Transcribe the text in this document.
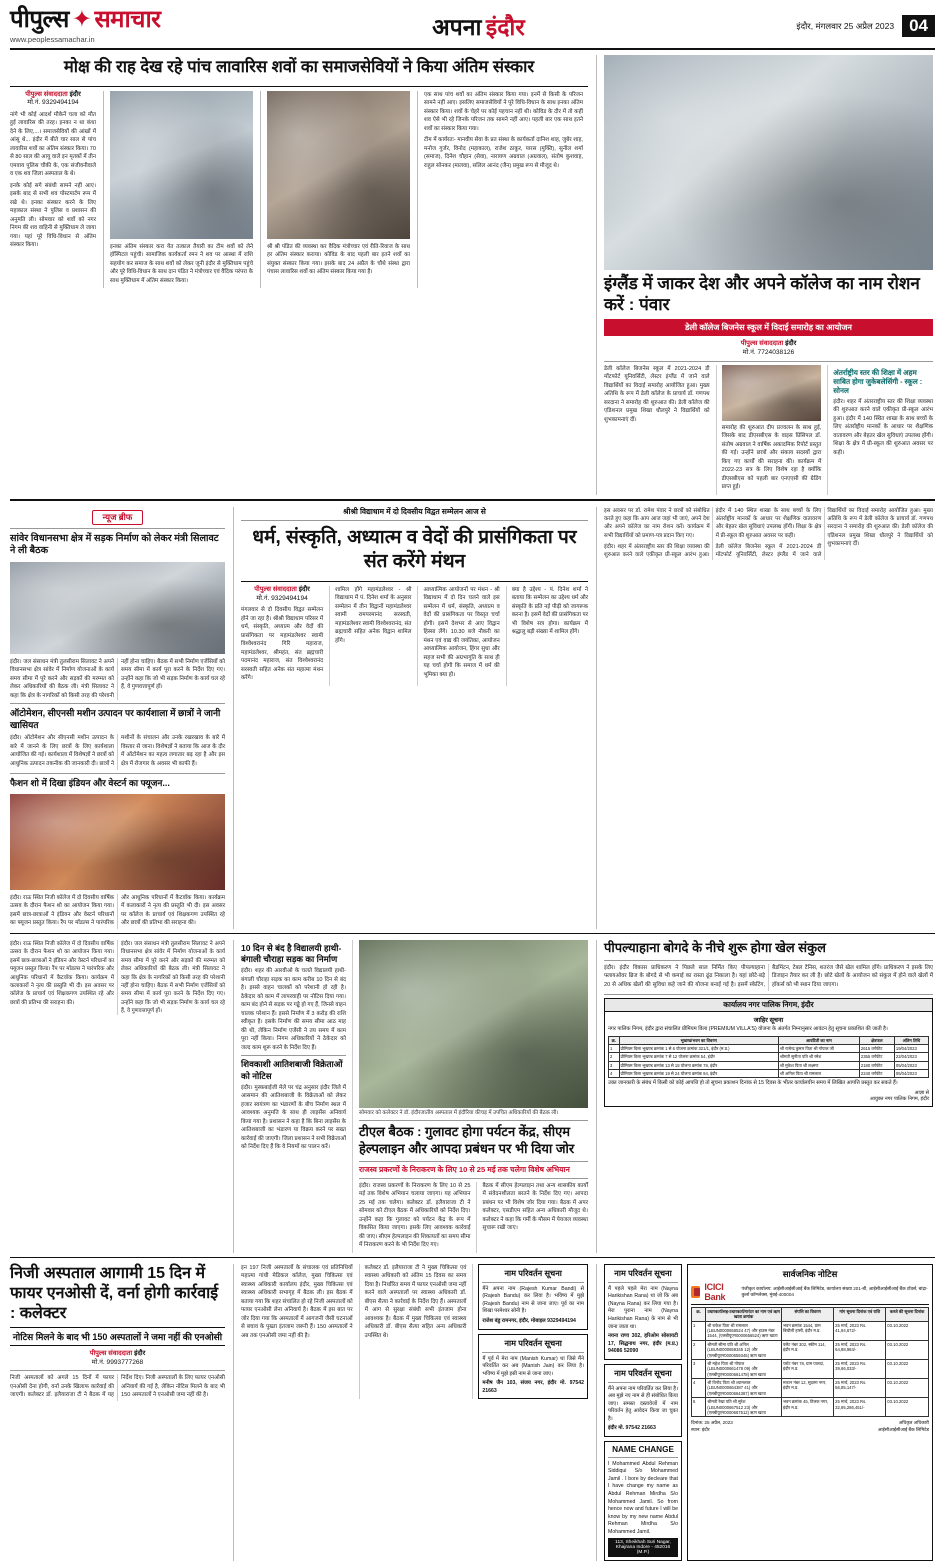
पीपुल्स ✦ समाचार
www.peoplessamachar.in	अपना इंदौर	इंदौर, मंगलवार 25 अप्रैल 2023 04
मोक्ष की राह देख रहे पांच लावारिस शवों का समाजसेवियों ने किया अंतिम संस्कार
पीपुल्स संवाददाता इंदौर
मो.नं. 9329494194

नांगे भी कोई आदर्श मौकेनें चला को मौत हुई लावारिस की तरह। इनका न था कंधा देने के लिए,...। समाजसेवियों की आंखों में आंसू थे... इंदौर में बीते चार साल से पांच लावारिस शवों का अंतिम संस्कार किया। 70 से 80 साल की आयु वाले इन मृतकों में तीन एमवाय पुलिस चौकी के, एक संजीवनीवाले व एक शव जिला अस्पताल के थे।

इनके कोई सगे संबंधी सामने नहीं आए। इसके बाद से सभी शव पोस्टमार्टम रूम में रखे थे। इनका संस्कार करने के लिए महाकाल संस्था ने पुलिस व प्रशासन की अनुमति ली। सोमवार को शवों को नगर निगम की शव वाहिनी से मुक्तिधाम ले जाया गया। यहां पूरे विधि-विधान से अंतिम संस्कार किया।	इनका अंतिम संस्कार करा येत तत्काल तैयारी का टीम शवों को लेने हॉस्पिटल पहुंची। सामाजिक कार्यकर्ता रमन ने शव पर आस्था में राशि सहयोग कर समाज के साथ शवों को लेकर जूनी इंदौर से मुक्तिधाम पहुंचे और पूरे विधि-विधान के साथ दान पंडित ने मंत्रोच्चार एवं वैदिक परंपरा के साथ मुक्तिधाम में अंतिम संस्कार किया।

श्री श्री पंडित की व्यवस्था कर वैदिक मंत्रोच्चार एवं रीति-रिवाज के साथ हर अंतिम संस्कार कराया। कोविड के बाद पहली बार इतने शवों का संयुक्त संस्कार किया गया। इसके बाद 24 अप्रैल के चौथे संस्था द्वारा पंचास लावारिस शवों का अंतिम संस्कार किया गया है।

एक साथ पांच शवों का अंतिम संस्कार किया गया। इनमें से किसी के परिजन सामने नहीं आए। इसलिए समाजसेवियों ने पूरे विधि-विधान के साथ इनका अंतिम संस्कार किया। शवों के चेहरे पर कोई पहचान नहीं थी। कोविड के दौर में तो कहीं शव ऐसे भी रहे जिनके परिजन तक सामने नहीं आए। पहली बार एक साथ इतने शवों का संस्कार किया गया।

टीम में कार्यरतः- मानवीय सेवा के प्रत संस्था के कार्यकर्ता दानिश शाह, जुबेर शाह, मनोज गुर्जर, विनोद (महाकाल), राजेश ठाकुर, पारस (मुक्ति), सुनील शर्मा (समाज), दिनेश चौहान (सेवा), नारायण अग्रवाल (अग्रवाल), संतोष कुशवाह, राहुल सोनकर (मालवा), सलिल आनंद (जैन) प्रमुख रूप से मौजूद थे।

इंग्लैंड में जाकर देश और अपने कॉलेज का नाम रोशन करें : पंवार
डेली कॉलेज बिजनेस स्कूल में विदाई समारोह का आयोजन
पीपुल्स संवाददाता इंदौर
मो.नं. 7724038126

डेली कॉलेज बिजनेस स्कूल में 2021-2024 डी मोंटफोर्ट यूनिवर्सिटी, लेस्टर इंग्लैंड में जाने वाले विद्यार्थियों का विदाई समारोह आयोजित हुआ। मुख्य अतिथि के रूप में डेली कॉलेज के प्राचार्य डॉ. गणपथ सरदाना ने समारोह की शुरुआत की। डेली कॉलेज की एडिशनल प्रमुख शिखा धौलपुरे ने विद्यार्थियों को शुभकामनाएं दीं।

समारोह की शुरुआत दीप प्रज्वलन के साथ हुई, जिसके बाद डीएसबीएस के वाइस प्रिंसिपल डॉ. संतोष अग्रवाल ने वार्षिक अकादमिक रिपोर्ट प्रस्तुत की गई। उन्होंने छात्रों और संकाय सदस्यों द्वारा किए गए कार्यों की सराहना की। कार्यक्रम में 2022-23 सत्र के लिए विशेष रहा है क्योंकि डीएसबीएस को पहली बार एनएएसी की ग्रेडिंग प्राप्त हुई।

अंतर्राष्ट्रीय स्तर की शिक्षा में अहम साबित होगा जुकेबलेसिंगी - स्कूल : सोनल

इंदौर। शहर में अंतरराष्ट्रीय स्तर की शिक्षा व्यवस्था की शुरुआत करने वाले एकीकृत प्री-स्कूल आरंभ हुआ। इंदौर में 140 स्थित शाखा के साथ बच्चों के लिए अंतर्राष्ट्रीय मानकों के आधार पर शैक्षणिक वातावरण और बेहतर खेल सुविधाएं उपलब्ध होंगी। शिक्षा के क्षेत्र में प्री-स्कूल की शुरुआत अवसर पर कही।

न्यूज ब्रीफ
सांवेर विधानसभा क्षेत्र में सड़क निर्माण को लेकर मंत्री सिलावट ने ली बैठक

इंदौर। जल संसाधन मंत्री तुलसीराम सिलावट ने अपने विधानसभा क्षेत्र सांवेर में निर्माण योजनाओं के कार्य समय सीमा में पूरे करने और सड़कों की मरम्मत को लेकर अधिकारियों की बैठक ली। मंत्री सिलावट ने कहा कि क्षेत्र के नागरिकों को किसी तरह की परेशानी नहीं होना चाहिए। बैठक में सभी निर्माण एजेंसियों को समय सीमा में कार्य पूरा करने के निर्देश दिए गए। उन्होंने कहा कि जो भी सड़क निर्माण के कार्य चल रहे हैं, वे गुणवत्तापूर्ण हों।

ऑटोमेशन, सीएनसी मशीन उत्पादन पर कार्यशाला में छात्रों ने जानी खासियत

इंदौर। ऑटोमेशन और सीएनसी मशीन उत्पादन के बारे में जानने के लिए छात्रों के लिए कार्यशाला आयोजित की गई। कार्यशाला में विशेषज्ञों ने छात्रों को आधुनिक उत्पादन तकनीक की जानकारी दी। छात्रों ने मशीनों के संचालन और उनके रखरखाव के बारे में विस्तार से जाना। विशेषज्ञों ने बताया कि आज के दौर में ऑटोमेशन का महत्व लगातार बढ़ रहा है और इस क्षेत्र में रोजगार के अवसर भी काफी हैं।

फैशन शो में दिखा इंडियन और वेस्टर्न का फ्यूजन...

इंदौर। राऊ स्थित निजी कॉलेज में दो दिवसीय वार्षिक उत्सव के दौरान फैशन शो का आयोजन किया गया। इसमें छात्र-छात्राओं ने इंडियन और वेस्टर्न परिधानों का फ्यूजन प्रस्तुत किया। रैंप पर मॉडल्स ने पारंपरिक और आधुनिक परिधानों में कैटवॉक किया। कार्यक्रम में कलाकारों ने नृत्य की प्रस्तुति भी दी। इस अवसर पर कॉलेज के प्राचार्य एवं शिक्षकगण उपस्थित रहे और छात्रों की प्रतिभा की सराहना की।

श्रीश्री विद्याधाम में दो दिवसीय विद्वत सम्मेलन आज से
धर्म, संस्कृति, अध्यात्म व वेदों की प्रासंगिकता पर संत करेंगे मंथन
पीपुल्स संवाददाता इंदौर
मो.नं. 9329494194

मंगलवार से दो दिवसीय विद्वत सम्मेलन होने जा रहा है। श्रीश्री विद्याधाम परिसर में धर्म, संस्कृति, अध्यात्म और वेदों की प्रासंगिकता पर महामंडलेश्वर स्वामी विश्वेश्वरानंद गिरि महाराज, महामंडलेश्वर, श्रीमहंत, संत ब्रह्मचारी पदमानंद महाराज, संत विश्वेश्वरानंद सरस्वती सहित अनेक संत महात्मा मंथन करेंगे।

शामिल होंगे महामंडलेश्वर - श्री विद्याधाम में पं. दिनेश शर्मा के अनुसार सम्मेलन में तीन विद्वानों महामंडलेश्वर स्वामी रामपरमानंद सरस्वती, महामंडलेश्वर स्वामी विश्वेश्वरानंद, संत ब्रह्मचारी सहित अनेक विद्वान शामिल होंगे।

आध्यात्मिक आयोजनों पर मंथन - श्री विद्याधाम में दो दिन चलने वाले इस सम्मेलन में धर्म, संस्कृति, अध्यात्म व वेदों की प्रासंगिकता पर विस्तृत चर्चा होगी। इसमें देशभर से आए विद्वान हिस्सा लेंगे। 10.30 बजे नौकरी का मंथन एवं वाद्य की जयंतिका, आयोजन आध्यात्मिक आयोजन, हिंगर सुधा और सहज सभी की अग्रभागुति के साथ ही यह चर्चा होगी कि समाज में धर्म की भूमिका क्या हो।

क्या है उद्देश्य - पं. दिनेश शर्मा ने बताया कि सम्मेलन का उद्देश्य धर्म और संस्कृति के प्रति नई पीढ़ी को जागरूक करना है। इसमें वेदों की प्रासंगिकता पर भी विशेष सत्र होगा। कार्यक्रम में श्रद्धालु बड़ी संख्या में शामिल होंगे।

इस अवसर पर डॉ. रामेश पंवार ने छात्रों को संबोधित करते हुए कहा कि आप आज जहां भी जाएं, अपने देश और अपने कॉलेज का नाम रोशन करें। कार्यक्रम में सभी विद्यार्थियों को प्रमाण-पत्र प्रदान किए गए।

इंदौर। शहर में अंतरराष्ट्रीय स्तर की शिक्षा व्यवस्था की शुरुआत करने वाले एकीकृत प्री-स्कूल आरंभ हुआ। इंदौर में 140 स्थित शाखा के साथ बच्चों के लिए अंतर्राष्ट्रीय मानकों के आधार पर शैक्षणिक वातावरण और बेहतर खेल सुविधाएं उपलब्ध होंगी। शिक्षा के क्षेत्र में प्री-स्कूल की शुरुआत अवसर पर कही।

डेली कॉलेज बिजनेस स्कूल में 2021-2024 डी मोंटफोर्ट यूनिवर्सिटी, लेस्टर इंग्लैंड में जाने वाले विद्यार्थियों का विदाई समारोह आयोजित हुआ। मुख्य अतिथि के रूप में डेली कॉलेज के प्राचार्य डॉ. गणपथ सरदाना ने समारोह की शुरुआत की। डेली कॉलेज की एडिशनल प्रमुख शिखा धौलपुरे ने विद्यार्थियों को शुभकामनाएं दीं।

इंदौर। राऊ स्थित निजी कॉलेज में दो दिवसीय वार्षिक उत्सव के दौरान फैशन शो का आयोजन किया गया। इसमें छात्र-छात्राओं ने इंडियन और वेस्टर्न परिधानों का फ्यूजन प्रस्तुत किया। रैंप पर मॉडल्स ने पारंपरिक और आधुनिक परिधानों में कैटवॉक किया। कार्यक्रम में कलाकारों ने नृत्य की प्रस्तुति भी दी। इस अवसर पर कॉलेज के प्राचार्य एवं शिक्षकगण उपस्थित रहे और छात्रों की प्रतिभा की सराहना की।

इंदौर। जल संसाधन मंत्री तुलसीराम सिलावट ने अपने विधानसभा क्षेत्र सांवेर में निर्माण योजनाओं के कार्य समय सीमा में पूरे करने और सड़कों की मरम्मत को लेकर अधिकारियों की बैठक ली। मंत्री सिलावट ने कहा कि क्षेत्र के नागरिकों को किसी तरह की परेशानी नहीं होना चाहिए। बैठक में सभी निर्माण एजेंसियों को समय सीमा में कार्य पूरा करने के निर्देश दिए गए। उन्होंने कहा कि जो भी सड़क निर्माण के कार्य चल रहे हैं, वे गुणवत्तापूर्ण हों।

10 दिन से बंद है विद्यालयी हाथी-बंगाली चौराहा सड़क का निर्माण

इंदौर। शहर की आरवीओ के चलते विद्यालयी हाथी-बंगाली चौराहा सड़क का काम करीब 10 दिन से बंद है। इससे वाहन चालकों को परेशानी हो रही है। ठेकेदार को काम में लापरवाही पर नोटिस दिया गया। काम बंद होने से सड़क पर गड्ढे हो गए हैं, जिनसे वाहन चालक परेशान हैं। इससे निर्माण में 3 करोड़ की राशि स्वीकृत है। इसके निर्माण की समय सीमा आठ माह की थी, लेकिन निर्माण एजेंसी ने तय समय में काम पूरा नहीं किया। निगम अधिकारियों ने ठेकेदार को जल्द काम शुरू करने के निर्देश दिए हैं।

शिवकाशी आतिशबाजी विक्रेताओं को नोटिस

इंदौर। मुस्कबाईजी मेले पर चंद्र अनुसार इंदौर जिले में आसमान की आतिशबाजी के विक्रेताओं को लेकर हजार स्वयंत्रण का भंडारणों के बीच निर्माण स्थल में आवश्यक अनुमति के साथ ही लाइसेंस अनिवार्य किया गया है। प्रशासन ने कहा है कि बिना लाइसेंस के आतिशबाजी का भंडारण या विक्रय करने पर सख्त कार्रवाई की जाएगी। जिला प्रशासन ने सभी विक्रेताओं को निर्देश दिए हैं कि वे नियमों का पालन करें।

सोमवार को कलेक्टर ने डॉ. इंदौरजातीय अस्पताल में इंदौरिया कीचड़ में उपचित अधिकारियों की बैठक ली।
टीएल बैठक : गुलावट होगा पर्यटन केंद्र, सीएम हेल्पलाइन और आपदा प्रबंधन पर भी दिया जोर
राजस्व प्रकरणों के निराकरण के लिए 10 से 25 मई तक चलेगा विशेष अभियान

इंदौर। राजस्व प्रकरणों के निराकरण के लिए 10 से 25 मई तक विशेष अभियान चलाया जाएगा। यह अभियान 25 मई तक चलेगा। कलेक्टर डॉ. इलैयाराजा टी ने सोमवार को टीएल बैठक में अधिकारियों को निर्देश दिए। उन्होंने कहा कि गुलावट को पर्यटन केंद्र के रूप में विकसित किया जाएगा। इसके लिए आवश्यक कार्रवाई की जाए। सीएम हेल्पलाइन की शिकायतों का समय सीमा में निराकरण करने के भी निर्देश दिए गए।

बैठक में सीएम हेल्पलाइन तथा अन्य शासकीय कार्यों में संवेदनशीलता बरतने के निर्देश दिए गए। आपदा प्रबंधन पर भी विशेष जोर दिया गया। बैठक में अपर कलेक्टर, एसडीएम सहित अन्य अधिकारी मौजूद थे। कलेक्टर ने कहा कि गर्मी के मौसम में पेयजल व्यवस्था सुचारू रखी जाए।

पीपल्याहाना बोगदे के नीचे शुरू होगा खेल संकुल

इंदौर। इंदौर विकास प्राधिकरण ने पिछले साल निर्मित किए पीपल्याहाना फ्लायओवर ब्रिज के बोगदे से भी कमाई का रास्ता ढूंढ निकाला है। यहां छोटे-बड़े 20 से अधिक खेलों की सुविधा कहे जाने की योजना बनाई गई है। इसमें स्केटिंग, बैडमिंटन, टेबल टेनिस, शतरंज जैसे खेल शामिल होंगे। प्राधिकरण ने इसके लिए डिजाइन तैयार कर ली है। छोटे खेलों के आयोजन को संकुल में होने वाले खेलों में हॉकर्स को भी स्थान दिया जाएगा।

कार्यालय नगर पालिक निगम, इंदौर
जाहिर सूचना
नगर पालिक निगम, इंदौर द्वारा संचालित प्रीमियम विला (PREMIUM VILLA'S) योजना के अंतर्गत निम्नानुसार आवंटन हेतु सूचना प्रकाशित की जाती है।
क्र.	भूखण्ड/भवन का विवरण	आवंटिती का नाम	क्षेत्रफल	अंतिम तिथि
1	प्रीमियम विला भूखण्ड क्रमांक 1 से 6 योजना क्रमांक 321/1, इंदौर (म.प्र.)	श्री राजेन्द्र कुमार पिता श्री गोपाल जी	2615 वर्गफीट	19/04/2023
2	प्रीमियम विला भूखण्ड क्रमांक 7 से 12 योजना क्रमांक 54, इंदौर	श्रीमती सुनीता पति श्री रमेश	2355 वर्गफीट	22/04/2023
3	प्रीमियम विला भूखण्ड क्रमांक 13 से 18 योजना क्रमांक 78, इंदौर	श्री मुकेश पिता श्री लक्ष्मण	2180 वर्गफीट	05/04/2023
4	प्रीमियम विला भूखण्ड क्रमांक 19 से 24 योजना क्रमांक 94, इंदौर	श्री अनिल पिता श्री रामलाल	2240 वर्गफीट	05/04/2023
उक्त जानकारी के संबंध में किसी को कोई आपत्ति हो तो सूचना प्रकाशन दिनांक से 15 दिवस के भीतर कार्यालयीन समय में लिखित आपत्ति प्रस्तुत कर सकते हैं।
आज्ञा से
आयुक्त नगर पालिक निगम, इंदौर
निजी अस्पताल आगामी 15 दिन में फायर एनओसी दें, वर्ना होगी कार्रवाई : कलेक्टर
नोटिस मिलने के बाद भी 150 अस्पतालों ने जमा नहीं की एनओसी
पीपुल्स संवाददाता इंदौर
मो.नं. 9993777268

निजी अस्पतालों को अगले 15 दिनों में फायर एनओसी देना होगी, वर्ना उनके खिलाफ कार्रवाई की जाएगी। कलेक्टर डॉ. इलैयाराजा टी ने बैठक में यह निर्देश दिए। निजी अस्पतालों के लिए फायर एनओसी अनिवार्य की गई है, लेकिन नोटिस मिलने के बाद भी 150 अस्पतालों ने एनओसी जमा नहीं की है।

इन 197 निजी अस्पतालों के संचालक एवं प्रतिनिधियों महात्मा गांधी मेडिकल कॉलेज, मुख्य चिकित्सा एवं स्वास्थ्य अधिकारी कार्यालय इंदौर, मुख्य चिकित्सा एवं स्वास्थ्य अधिकारी सभागृह में बैठक ली। इस बैठक में बताया गया कि शहर संचालित हो रहे निजी अस्पतालों को फायर एनओसी लेना अनिवार्य है। बैठक में इस बात पर जोर दिया गया कि अस्पतालों में आगजनी जैसी घटनाओं से बचाव के पुख्ता इंतजाम जरूरी हैं। 150 अस्पतालों ने अब तक एनओसी जमा नहीं की है।

कलेक्टर डॉ. इलैयाराजा टी ने मुख्य चिकित्सा एवं स्वास्थ्य अधिकारी को अंतिम 15 दिवस का समय दिया है। निर्धारित समय में फायर एनओसी जमा नहीं करने वाले अस्पतालों पर स्वास्थ्य अधिकारी डॉ. बीएस सैत्या ने कार्रवाई के निर्देश दिए हैं। अस्पतालों में आग से सुरक्षा संबंधी सभी इंतजाम होना आवश्यक है। बैठक में मुख्य चिकित्सा एवं स्वास्थ्य अधिकारी डॉ. बीएस सैत्या सहित अन्य अधिकारी उपस्थित थे।

नाम परिवर्तन सूचना
मैंने अपना नाम (Rajesh Kumar Bandi) से (Rajesh Bandu) कर लिया है। भविष्य में मुझे (Rajesh Bandu) नाम से जाना जाए। पूर्व का नाम शिखा परमेश्वर सोनी है।
राजेश बंडु रामनगर, इंदौर, मोबाइल 9329494194
नाम परिवर्तन सूचना
मैं पूर्व में मेरा नाम (Manish Kumar) था जिसे मैंने परिवर्तित कर अब (Manish Jain) कर लिया है। भविष्य में मुझे इसी नाम से जाना जाए।
मनीष जैन 103, संजय नगर, इंदौर मो. 97542 21663
नाम परिवर्तन सूचना
मैं पहले पहले मेरा नाम (Nayna Harikishan Rana) था जो कि अब (Nayna Rana) कर लिया गया है। मेरा पुराना नाम (Nayna Harikishan Rana) के नाम से भी जाना जाता था।
नयना राणा 302, हरिओम सोसायटी 17, सिद्धनाथ नगर, इंदौर (म.प्र.) 94086 52090
नाम परिवर्तन सूचना
मैंने अपना नाम परिवर्तित कर लिया है। अब मुझे नए नाम से ही संबोधित किया जाए। समस्त दस्तावेजों में नाम परिवर्तन हेतु आवेदन किया जा चुका है।
इंदौर मो. 97542 21663
NAME CHANGE
I Mohammed Abdul Rehman Siddiqui S/o Mohammed Jamil . I bore by decleare that I have change my name as Abdul Rehman Mirdha S/o Mohammed Jamil. So from hence now and future I will be know by my new name Abdul Rehman Mirdha S/o Mohammed Jamil.
113, Sheikhah Suri Nagar, Khajrana Indore - 452016 (M.P.)
सार्वजनिक नोटिस
ICICI Bank
पंजीकृत कार्यालय: आईसीआईसीआई बैंक लिमिटेड, कार्यालय संख्या 201-बी, आईसीआईसीआई बैंक टॉवर्स, बांद्रा-कुर्ला कॉम्प्लेक्स, मुंबई-400004
क्र.	उधारकर्ता/सह-उधारकर्ता/गारंटर का नाम एवं ऋण खाता क्रमांक	संपत्ति का विवरण	मांग सूचना दिनांक एवं राशि	कब्जे की सूचना दिनांक
1	श्री राकेश पिता श्री रामलाल (LBUN0000656524 47) और हाउस नंबर 1544, (एलबीयूएन0000656524) ऋण खाता	भवन क्रमांक 1544, ग्राम बिचौली हप्सी, इंदौर म.प्र.	25 मार्च, 2023 Rs. 41,94,672/-	03.10.2022
2	श्रीमती सीमा पति श्री अनिल (LBUN0000659345 12) और (एलबीयूएन0000659345) ऋण खाता	फ्लैट नंबर 302, स्कीम 114, इंदौर म.प्र.	25 मार्च, 2023 Rs. 64,88,984/-	03.10.2022
3	श्री महेश पिता श्री गोपाल (LBUN0000661478 09) और (एलबीयूएन0000661478) ऋण खाता	प्लॉट नंबर 78, ग्राम पालदा, इंदौर म.प्र.	25 मार्च, 2023 Rs. 39,66,033/-	03.10.2022
4	श्री विनोद पिता श्री श्यामलाल (LBUN0000664387 41) और (एलबीयूएन0000664387) ऋण खाता	मकान नंबर 12, सुदामा नगर, इंदौर म.प्र.	25 मार्च, 2023 Rs. 56,85,147/-	03.10.2022
5	श्रीमती रेखा पति श्री सुरेश (LBUN0000667512 23) और (एलबीयूएन0000667512) ऋण खाता	भवन क्रमांक 45, तिलक नगर, इंदौर म.प्र.	25 मार्च, 2023 Rs. 32,95,286,451/-	03.10.2022
दिनांक: 25 अप्रैल, 2023
स्थान: इंदौर
अधिकृत अधिकारी
आईसीआईसीआई बैंक लिमिटेड
